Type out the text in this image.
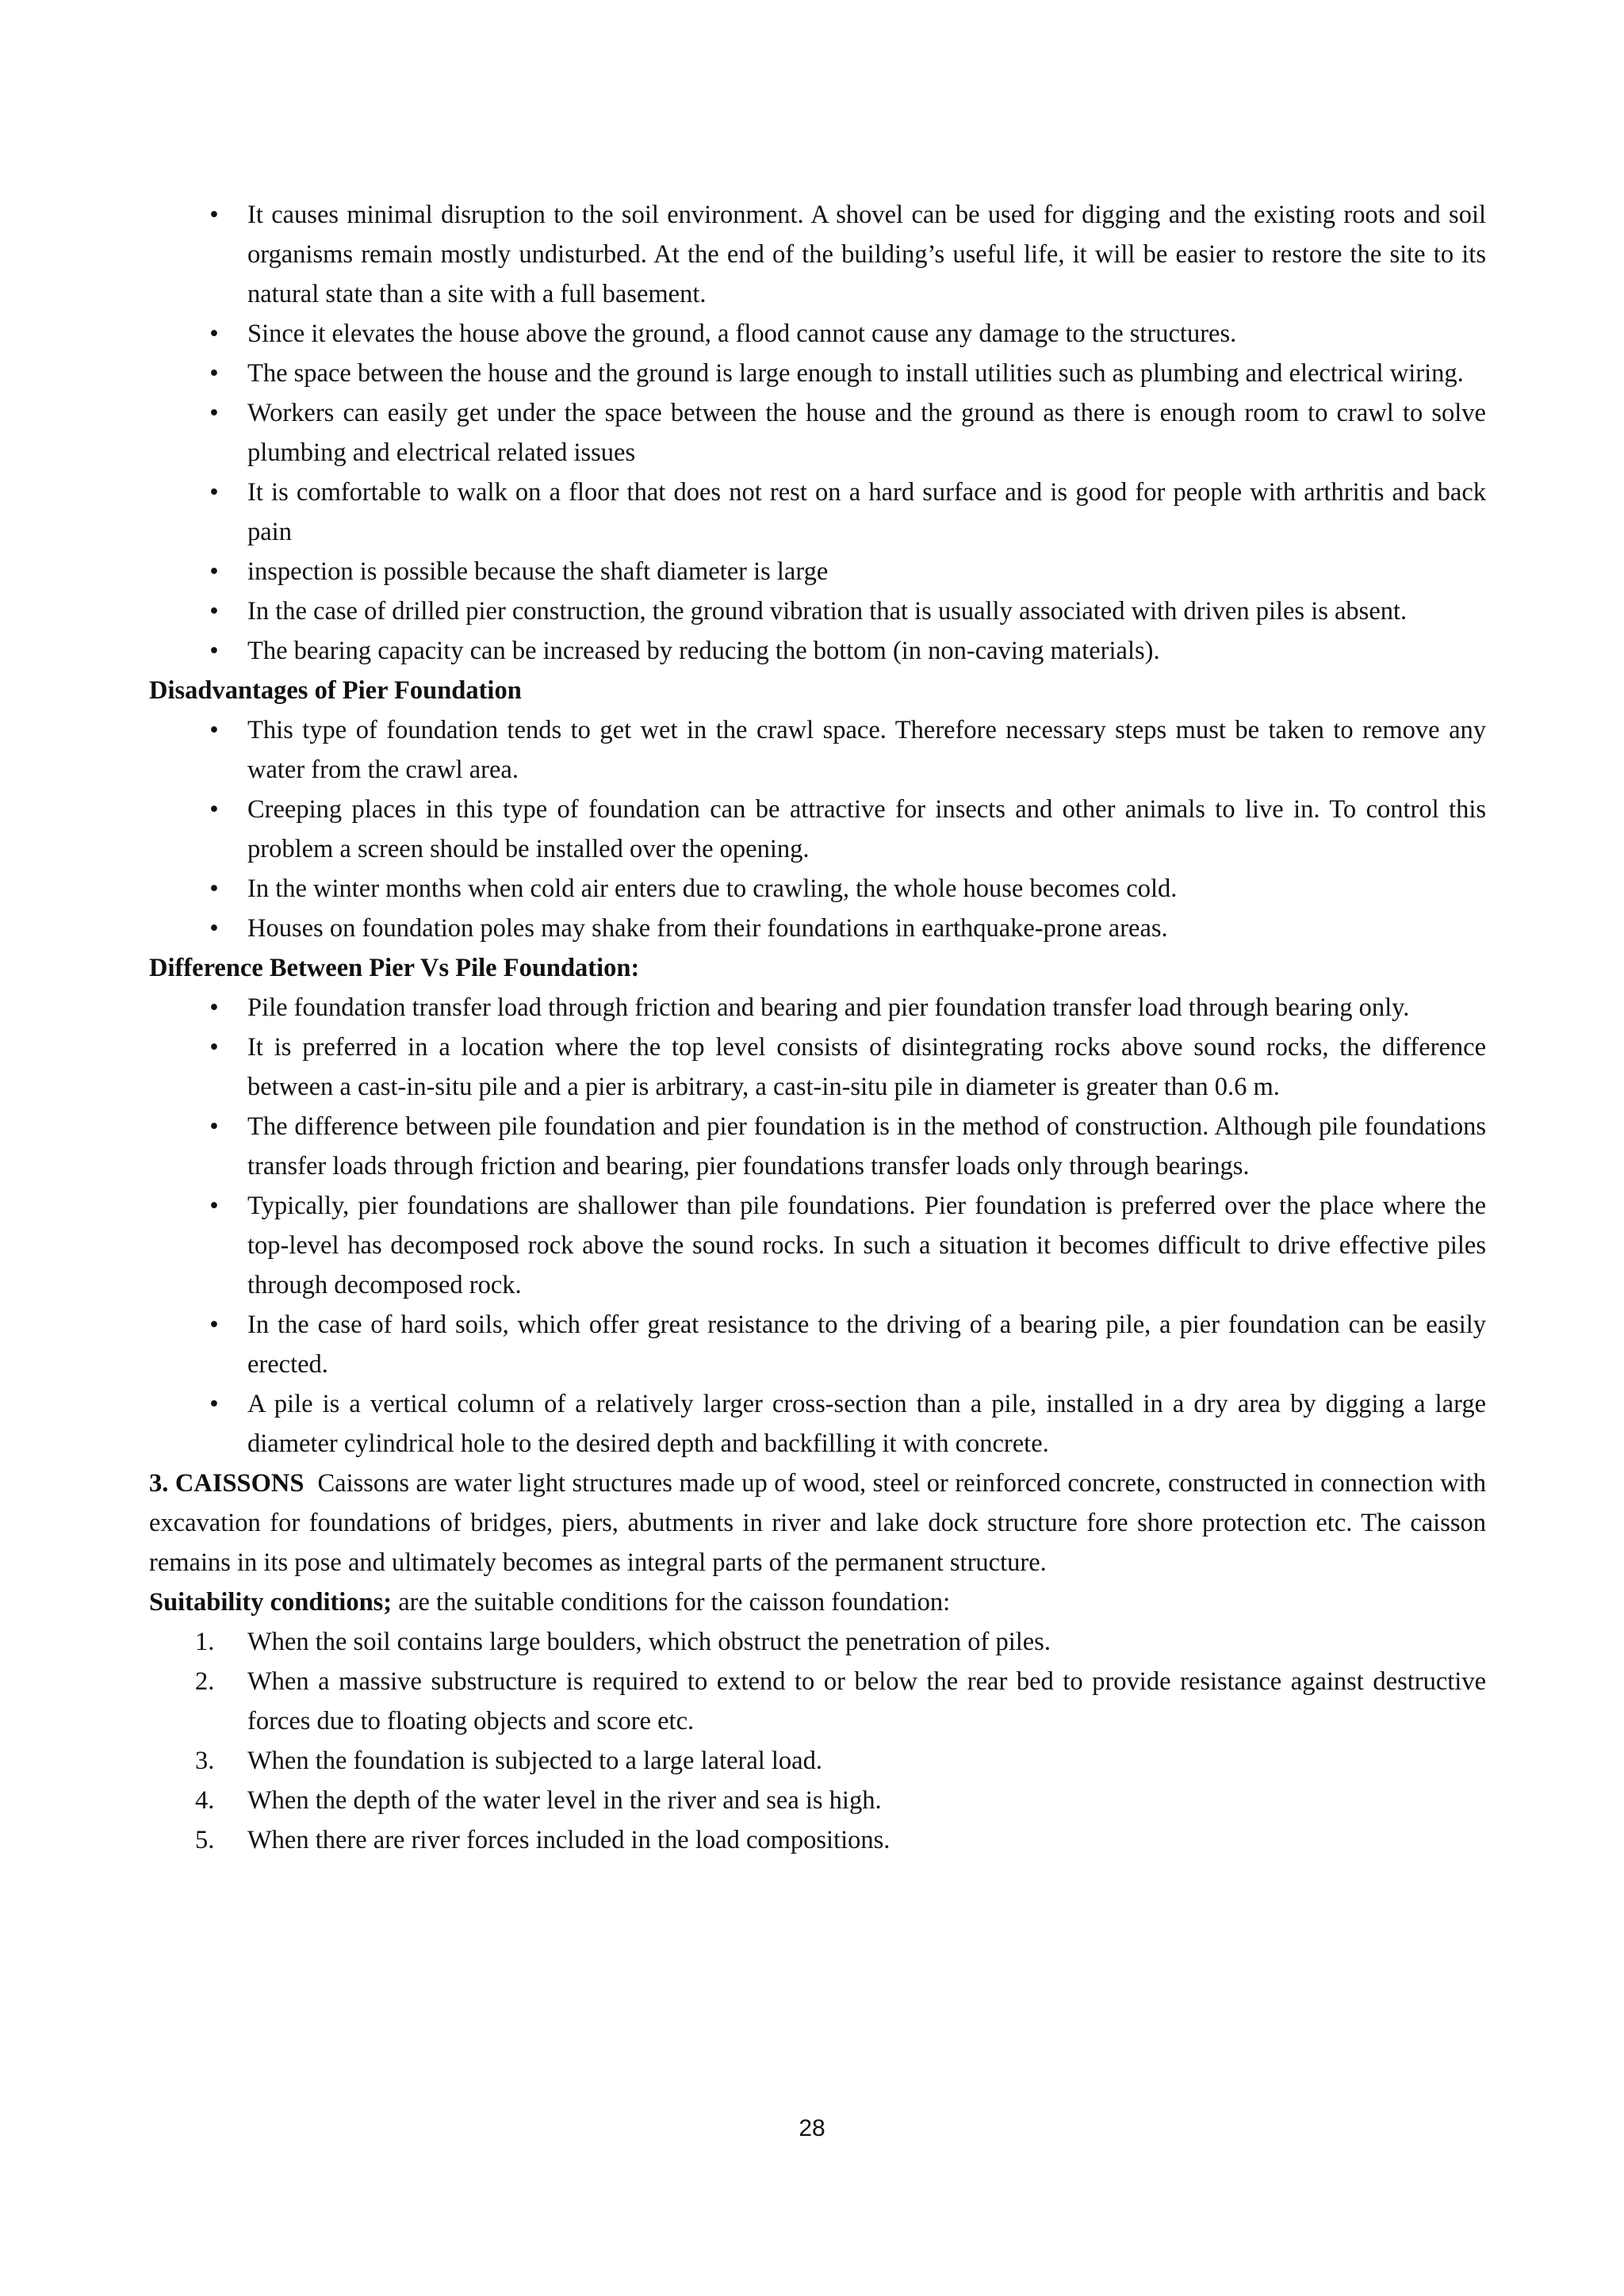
• It causes minimal disruption to the soil environment. A shovel can be used for digging and the existing roots and soil organisms remain mostly undisturbed. At the end of the building’s useful life, it will be easier to restore the site to its natural state than a site with a full basement.
• Since it elevates the house above the ground, a flood cannot cause any damage to the structures.
• The space between the house and the ground is large enough to install utilities such as plumbing and electrical wiring.
• Workers can easily get under the space between the house and the ground as there is enough room to crawl to solve plumbing and electrical related issues
• It is comfortable to walk on a floor that does not rest on a hard surface and is good for people with arthritis and back pain
• inspection is possible because the shaft diameter is large
• In the case of drilled pier construction, the ground vibration that is usually associated with driven piles is absent.
• The bearing capacity can be increased by reducing the bottom (in non-caving materials).

Disadvantages of Pier Foundation

• This type of foundation tends to get wet in the crawl space. Therefore necessary steps must be taken to remove any water from the crawl area.
• Creeping places in this type of foundation can be attractive for insects and other animals to live in. To control this problem a screen should be installed over the opening.
• In the winter months when cold air enters due to crawling, the whole house becomes cold.
• Houses on foundation poles may shake from their foundations in earthquake-prone areas.

Difference Between Pier Vs Pile Foundation:

• Pile foundation transfer load through friction and bearing and pier foundation transfer load through bearing only.
• It is preferred in a location where the top level consists of disintegrating rocks above sound rocks, the difference between a cast-in-situ pile and a pier is arbitrary, a cast-in-situ pile in diameter is greater than 0.6 m.
• The difference between pile foundation and pier foundation is in the method of construction. Although pile foundations transfer loads through friction and bearing, pier foundations transfer loads only through bearings.
• Typically, pier foundations are shallower than pile foundations. Pier foundation is preferred over the place where the top-level has decomposed rock above the sound rocks. In such a situation it becomes difficult to drive effective piles through decomposed rock.
• In the case of hard soils, which offer great resistance to the driving of a bearing pile, a pier foundation can be easily erected.
• A pile is a vertical column of a relatively larger cross-section than a pile, installed in a dry area by digging a large diameter cylindrical hole to the desired depth and backfilling it with concrete.

3. CAISSONS Caissons are water light structures made up of wood, steel or reinforced concrete, constructed in connection with excavation for foundations of bridges, piers, abutments in river and lake dock structure fore shore protection etc. The caisson remains in its pose and ultimately becomes as integral parts of the permanent structure.

Suitability conditions; are the suitable conditions for the caisson foundation:

1. When the soil contains large boulders, which obstruct the penetration of piles.
2. When a massive substructure is required to extend to or below the rear bed to provide resistance against destructive forces due to floating objects and score etc.
3. When the foundation is subjected to a large lateral load.
4. When the depth of the water level in the river and sea is high.
5. When there are river forces included in the load compositions.
28
